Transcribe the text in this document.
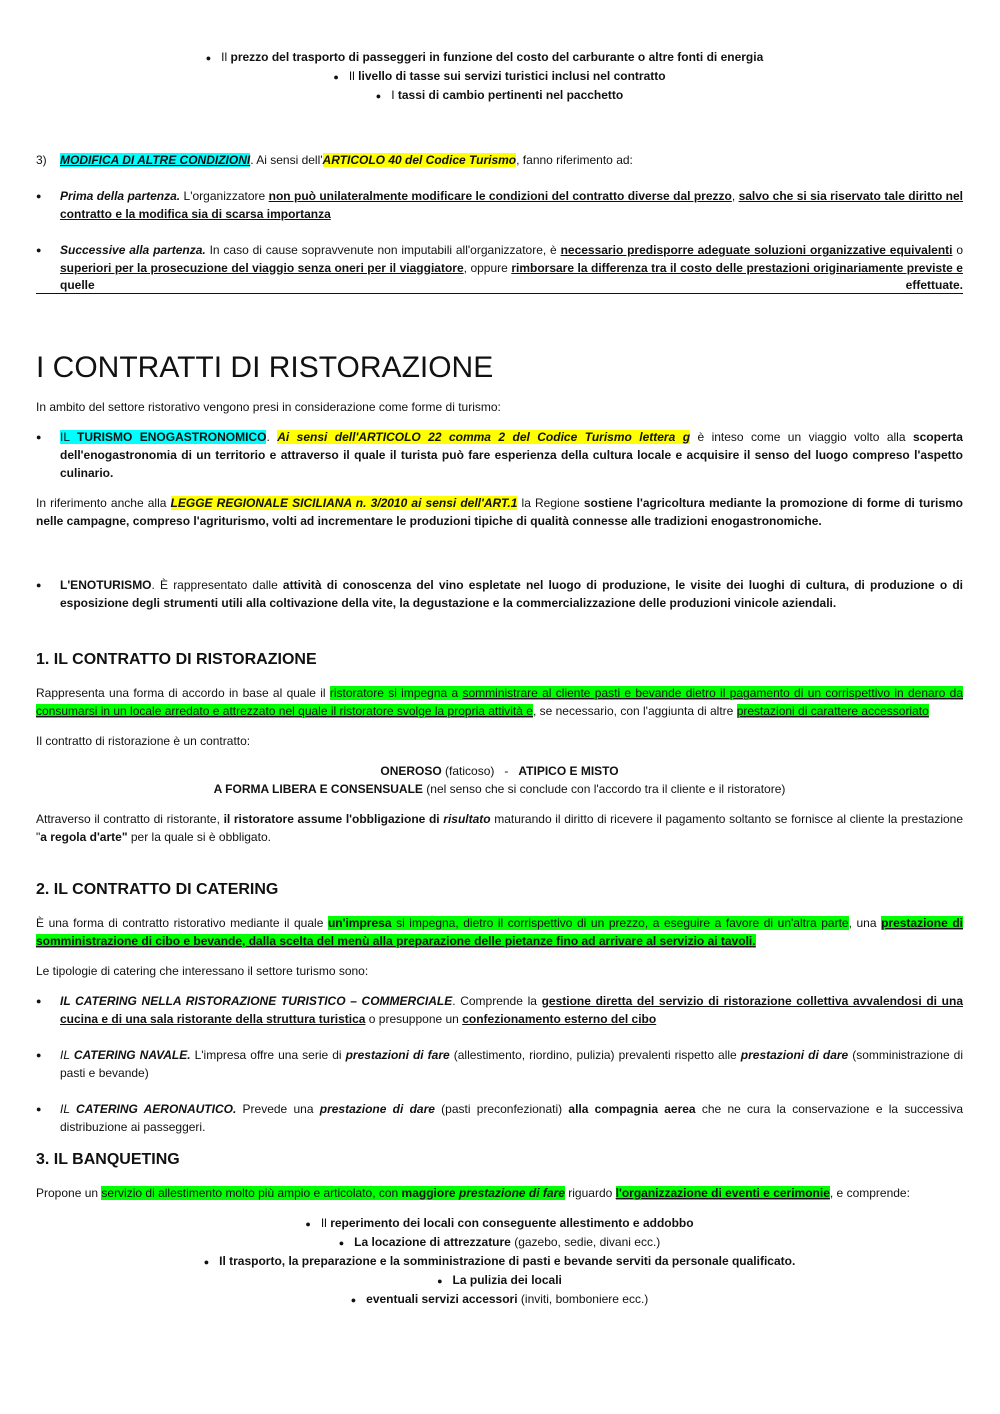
● Il prezzo del trasporto di passeggeri in funzione del costo del carburante o altre fonti di energia

● Il livello di tasse sui servizi turistici inclusi nel contratto

● I tassi di cambio pertinenti nel pacchetto

3) MODIFICA DI ALTRE CONDIZIONI. Ai sensi dell'ARTICOLO 40 del Codice Turismo, fanno riferimento ad:

● Prima della partenza. L'organizzatore non può unilateralmente modificare le condizioni del contratto diverse dal prezzo, salvo che si sia riservato tale diritto nel contratto e la modifica sia di scarsa importanza

● Successive alla partenza. In caso di cause sopravvenute non imputabili all'organizzatore, è necessario predisporre adeguate soluzioni organizzative equivalenti o superiori per la prosecuzione del viaggio senza oneri per il viaggiatore, oppure rimborsare la differenza tra il costo delle prestazioni originariamente previste e

quelle	effettuate.

I CONTRATTI DI RISTORAZIONE

In ambito del settore ristorativo vengono presi in considerazione come forme di turismo:

● IL TURISMO ENOGASTRONOMICO. Ai sensi dell'ARTICOLO 22 comma 2 del Codice Turismo lettera g è inteso come un viaggio volto alla scoperta dell'enogastronomia di un territorio e attraverso il quale il turista può fare esperienza della cultura locale e acquisire il senso del luogo compreso l'aspetto culinario.

In riferimento anche alla LEGGE REGIONALE SICILIANA n. 3/2010 ai sensi dell'ART.1 la Regione sostiene l'agricoltura mediante la promozione di forme di turismo nelle campagne, compreso l'agriturismo, volti ad incrementare le produzioni tipiche di qualità connesse alle tradizioni enogastronomiche.

● L'ENOTURISMO. È rappresentato dalle attività di conoscenza del vino espletate nel luogo di produzione, le visite dei luoghi di cultura, di produzione o di esposizione degli strumenti utili alla coltivazione della vite, la degustazione e la commercializzazione delle produzioni vinicole aziendali.

1. IL CONTRATTO DI RISTORAZIONE

Rappresenta una forma di accordo in base al quale il ristoratore si impegna a somministrare al cliente pasti e bevande dietro il pagamento di un corrispettivo in denaro da consumarsi in un locale arredato e attrezzato nel quale il ristoratore svolge la propria attività e, se necessario, con l'aggiunta di altre prestazioni di carattere accessoriato

Il contratto di ristorazione è un contratto:

ONEROSO (faticoso)   -   ATIPICO E MISTO

A FORMA LIBERA E CONSENSUALE (nel senso che si conclude con l'accordo tra il cliente e il ristoratore)

Attraverso il contratto di ristorante, il ristoratore assume l'obbligazione di risultato maturando il diritto di ricevere il pagamento soltanto se fornisce al cliente la prestazione "a regola d'arte" per la quale si è obbligato.

2. IL CONTRATTO DI CATERING

È una forma di contratto ristorativo mediante il quale un'impresa si impegna, dietro il corrispettivo di un prezzo, a eseguire a favore di un'altra parte, una prestazione di somministrazione di cibo e bevande, dalla scelta del menù alla preparazione delle pietanze fino ad arrivare al servizio ai tavoli.

Le tipologie di catering che interessano il settore turismo sono:

● IL CATERING NELLA RISTORAZIONE TURISTICO – COMMERCIALE. Comprende la gestione diretta del servizio di ristorazione collettiva avvalendosi di una cucina e di una sala ristorante della struttura turistica o presuppone un confezionamento esterno del cibo

● IL CATERING NAVALE. L'impresa offre una serie di prestazioni di fare (allestimento, riordino, pulizia) prevalenti rispetto alle prestazioni di dare (somministrazione di pasti e bevande)

● IL CATERING AERONAUTICO. Prevede una prestazione di dare (pasti preconfezionati) alla compagnia aerea che ne cura la conservazione e la successiva distribuzione ai passeggeri.

3. IL BANQUETING

Propone un servizio di allestimento molto più ampio e articolato, con maggiore prestazione di fare riguardo l'organizzazione di eventi e cerimonie, e comprende:

● Il reperimento dei locali con conseguente allestimento e addobbo

● La locazione di attrezzature (gazebo, sedie, divani ecc.)

● Il trasporto, la preparazione e la somministrazione di pasti e bevande serviti da personale qualificato.

● La pulizia dei locali

● eventuali servizi accessori (inviti, bomboniere ecc.)
